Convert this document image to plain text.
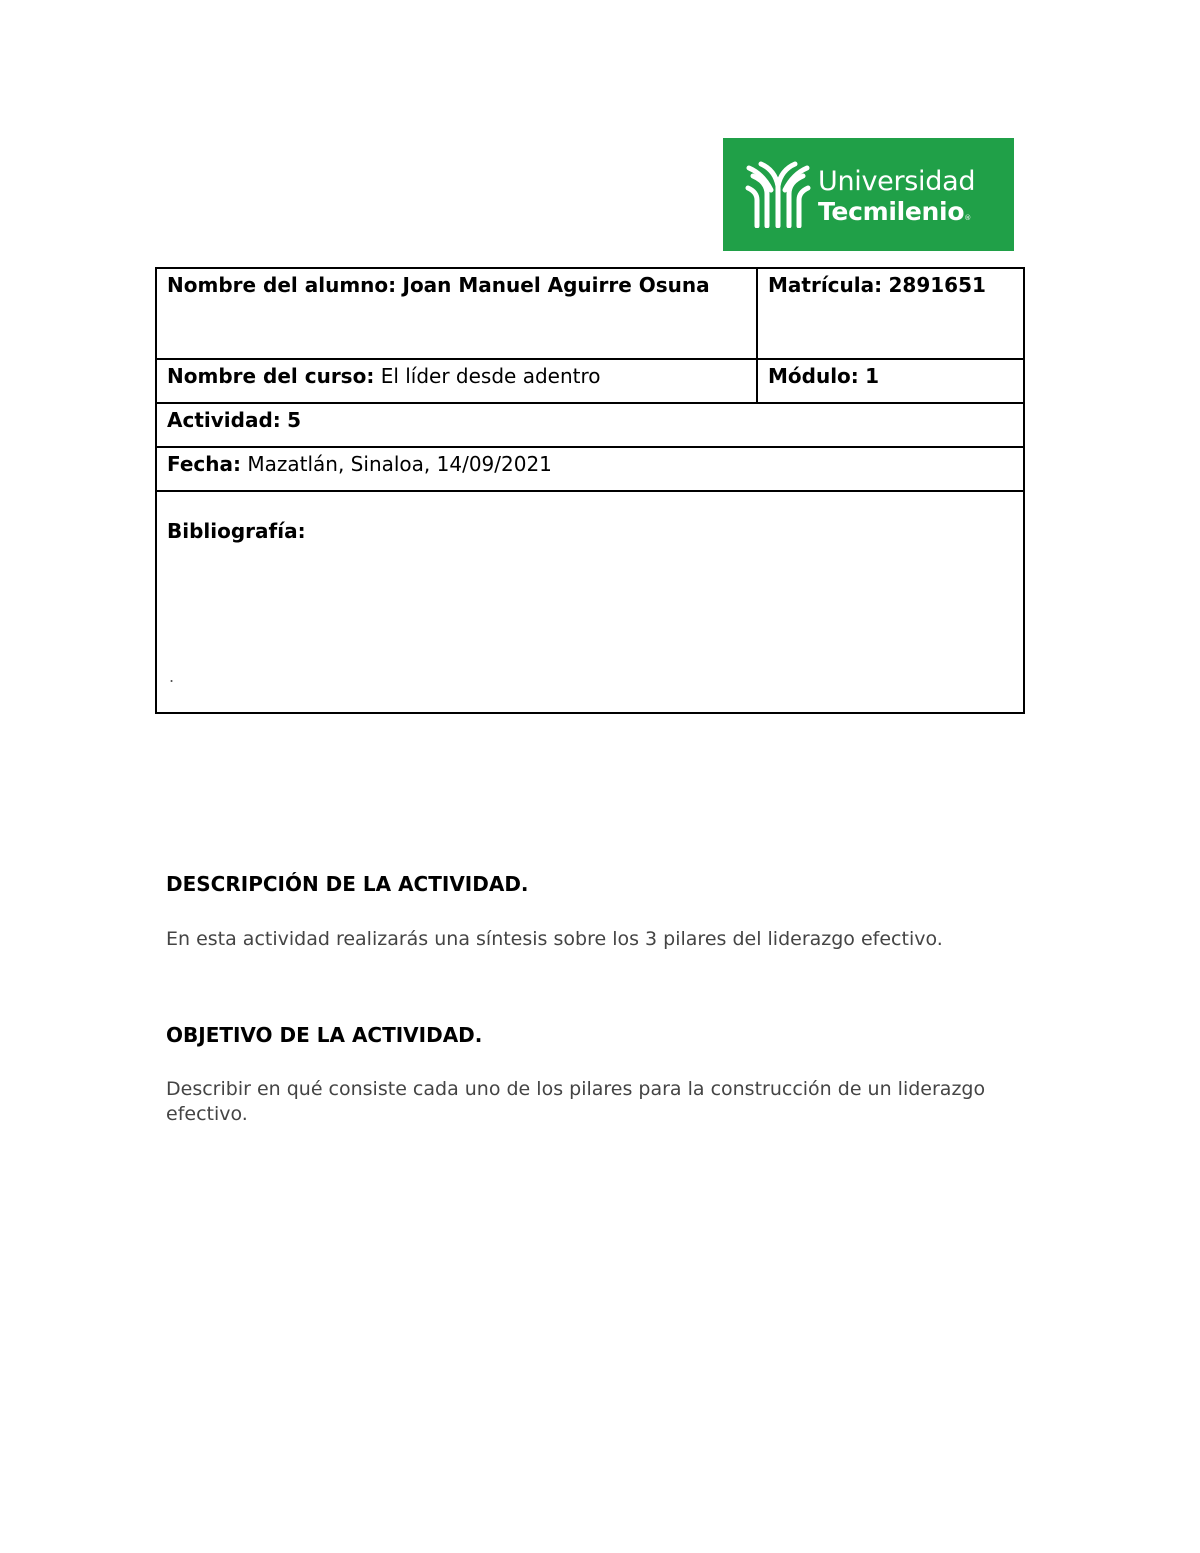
Universidad
Tecmilenio®
Nombre del alumno: Joan Manuel Aguirre Osuna	Matrícula: 2891651
Nombre del curso: El líder desde adentro	Módulo: 1
Actividad: 5	
Fecha: Mazatlán, Sinaloa, 14/09/2021	
Bibliografía:
.	
DESCRIPCIÓN DE LA ACTIVIDAD.
En esta actividad realizarás una síntesis sobre los 3 pilares del liderazgo efectivo.
OBJETIVO DE LA ACTIVIDAD.
Describir en qué consiste cada uno de los pilares para la construcción de un liderazgo efectivo.
